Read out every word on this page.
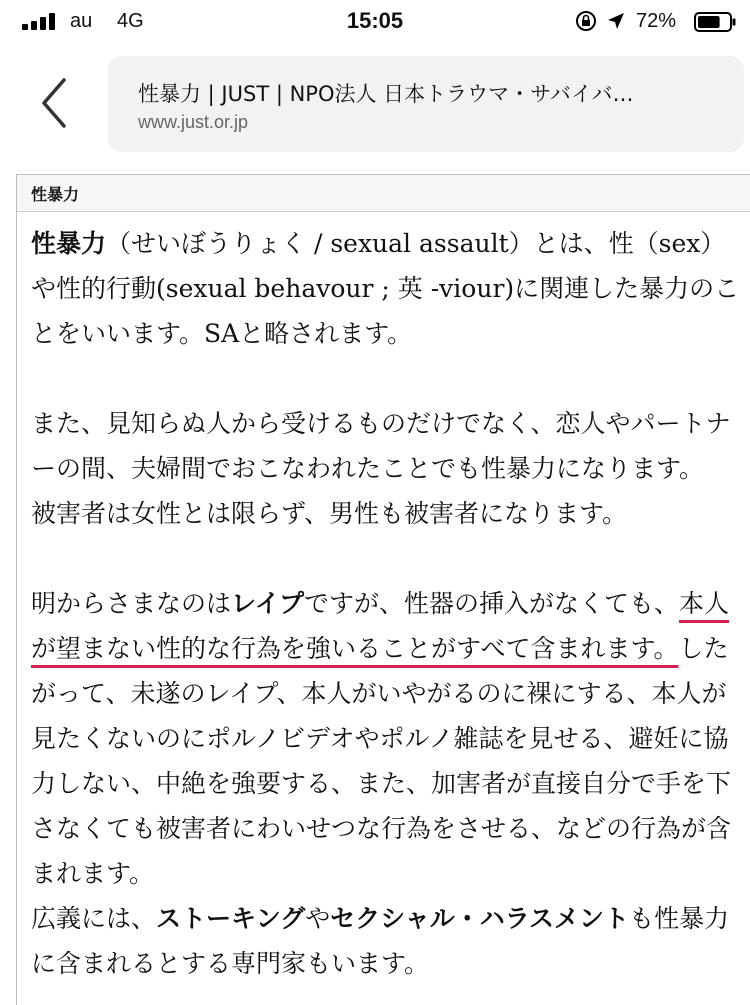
au 4G	15:05	72%
性暴力 | JUST | NPO法人 日本トラウマ・サバイバ…
www.just.or.jp
性暴力

性暴力（せいぼうりょく / sexual assault）とは、性（sex）や性的行動(sexual behavour ; 英 -viour)に関連した暴力のことをいいます。SAと略されます。

また、見知らぬ人から受けるものだけでなく、恋人やパートナーの間、夫婦間でおこなわれたことでも性暴力になります。

被害者は女性とは限らず、男性も被害者になります。

明からさまなのはレイプですが、性器の挿入がなくても、本人が望まない性的な行為を強いることがすべて含まれます。したがって、未遂のレイプ、本人がいやがるのに裸にする、本人が見たくないのにポルノビデオやポルノ雑誌を見せる、避妊に協力しない、中絶を強要する、また、加害者が直接自分で手を下さなくても被害者にわいせつな行為をさせる、などの行為が含まれます。

広義には、ストーキングやセクシャル・ハラスメントも性暴力に含まれるとする専門家もいます。
